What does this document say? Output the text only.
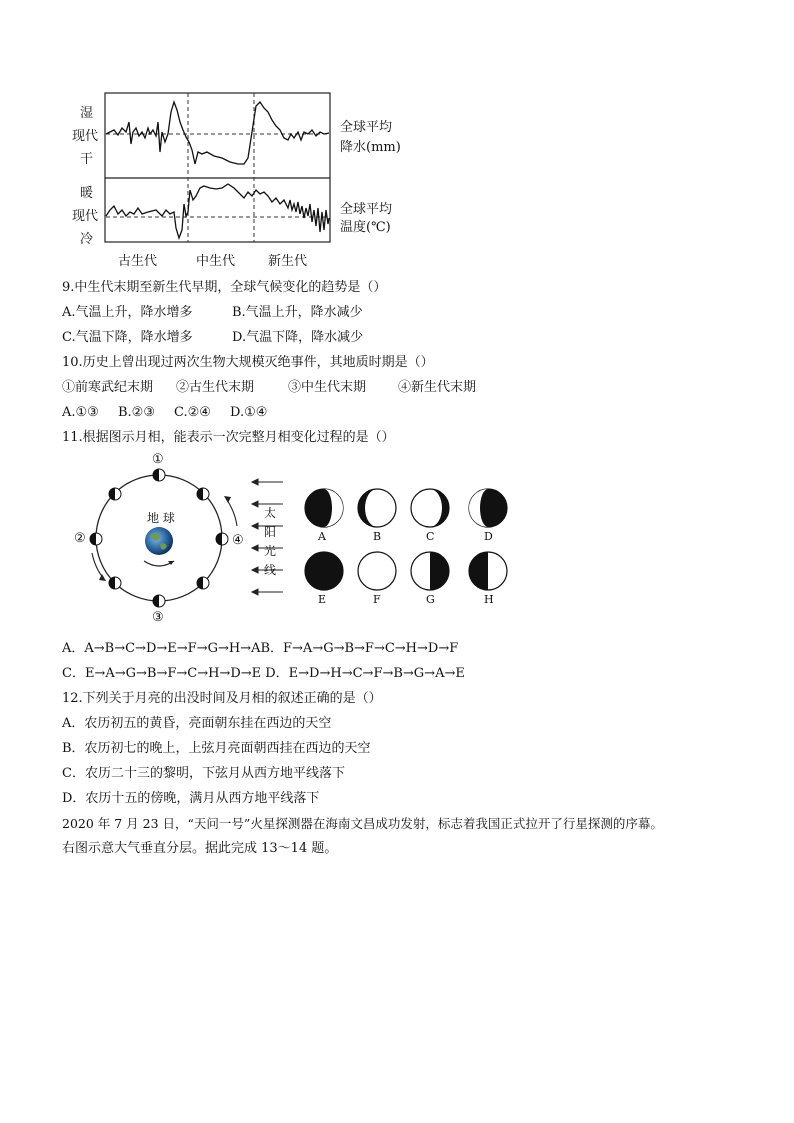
湿
现代
干
暖
现代
冷
全球平均
降水(mm)
全球平均
温度(℃)
古生代	中生代	新生代
9.中生代末期至新生代早期，全球气候变化的趋势是（）
A.气温上升，降水增多	B.气温上升，降水减少
C.气温下降，降水增多	D.气温下降，降水减少
10.历史上曾出现过两次生物大规模灭绝事件，其地质时期是（）
①前寒武纪末期 ②古生代末期	③中生代末期 ④新生代末期
A.①③ B.②③ C.②④ D.①④
11.根据图示月相，能表示一次完整月相变化过程的是（）
①
②
③
④
地 球	太
阳
光
线
A	B	C	D
E	F	G	H
A．A→B→C→D→E→F→G→H→AB．F→A→G→B→F→C→H→D→F
C．E→A→G→B→F→C→H→D→E D．E→D→H→C→F→B→G→A→E
12.下列关于月亮的出没时间及月相的叙述正确的是（）
A．农历初五的黄昏，亮面朝东挂在西边的天空
B．农历初七的晚上，上弦月亮面朝西挂在西边的天空
C．农历二十三的黎明，下弦月从西方地平线落下
D．农历十五的傍晚，满月从西方地平线落下
2020 年 7 月 23 日，“天问一号”火星探测器在海南文昌成功发射，标志着我国正式拉开了行星探测的序幕。
右图示意大气垂直分层。据此完成 13～14 题。
